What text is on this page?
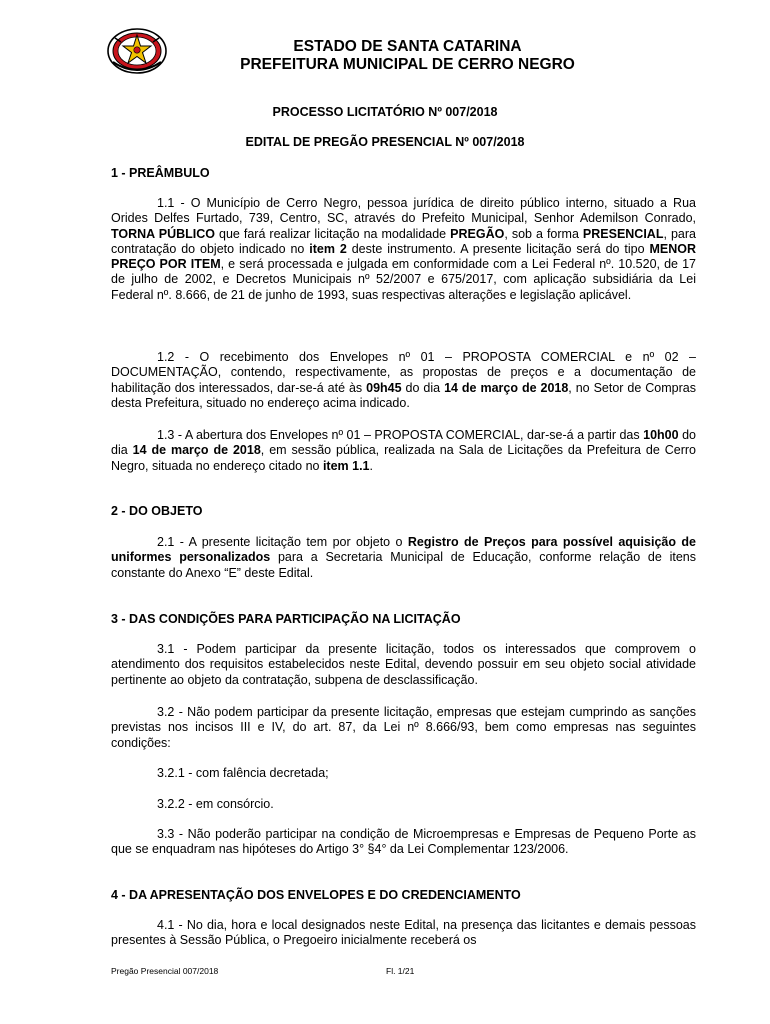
ESTADO DE SANTA CATARINA
PREFEITURA MUNICIPAL DE CERRO NEGRO
PROCESSO LICITATÓRIO Nº 007/2018
EDITAL DE PREGÃO PRESENCIAL Nº 007/2018
1 - PREÂMBULO
1.1 - O Município de Cerro Negro, pessoa jurídica de direito público interno, situado a Rua Orides Delfes Furtado, 739, Centro, SC, através do Prefeito Municipal, Senhor Ademilson Conrado, TORNA PÚBLICO que fará realizar licitação na modalidade PREGÃO, sob a forma PRESENCIAL, para contratação do objeto indicado no item 2 deste instrumento. A presente licitação será do tipo MENOR PREÇO POR ITEM, e será processada e julgada em conformidade com a Lei Federal nº. 10.520, de 17 de julho de 2002, e Decretos Municipais nº 52/2007 e 675/2017, com aplicação subsidiária da Lei Federal nº. 8.666, de 21 de junho de 1993, suas respectivas alterações e legislação aplicável.
1.2 - O recebimento dos Envelopes nº 01 – PROPOSTA COMERCIAL e nº 02 – DOCUMENTAÇÃO, contendo, respectivamente, as propostas de preços e a documentação de habilitação dos interessados, dar-se-á até às 09h45 do dia 14 de março de 2018, no Setor de Compras desta Prefeitura, situado no endereço acima indicado.
1.3 - A abertura dos Envelopes nº 01 – PROPOSTA COMERCIAL, dar-se-á a partir das 10h00 do dia 14 de março de 2018, em sessão pública, realizada na Sala de Licitações da Prefeitura de Cerro Negro, situada no endereço citado no item 1.1.
2 - DO OBJETO
2.1 - A presente licitação tem por objeto o Registro de Preços para possível aquisição de uniformes personalizados para a Secretaria Municipal de Educação, conforme relação de itens constante do Anexo “E” deste Edital.
3 - DAS CONDIÇÕES PARA PARTICIPAÇÃO NA LICITAÇÃO
3.1 - Podem participar da presente licitação, todos os interessados que comprovem o atendimento dos requisitos estabelecidos neste Edital, devendo possuir em seu objeto social atividade pertinente ao objeto da contratação, subpena de desclassificação.
3.2 - Não podem participar da presente licitação, empresas que estejam cumprindo as sanções previstas nos incisos III e IV, do art. 87, da Lei nº 8.666/93, bem como empresas nas seguintes condições:
3.2.1 - com falência decretada;
3.2.2 - em consórcio.
3.3 - Não poderão participar na condição de Microempresas e Empresas de Pequeno Porte as que se enquadram nas hipóteses do Artigo 3° §4° da Lei Complementar 123/2006.
4 - DA APRESENTAÇÃO DOS ENVELOPES E DO CREDENCIAMENTO
4.1 - No dia, hora e local designados neste Edital, na presença das licitantes e demais pessoas presentes à Sessão Pública, o Pregoeiro inicialmente receberá os
Pregão Presencial 007/2018	Fl. 1/21
